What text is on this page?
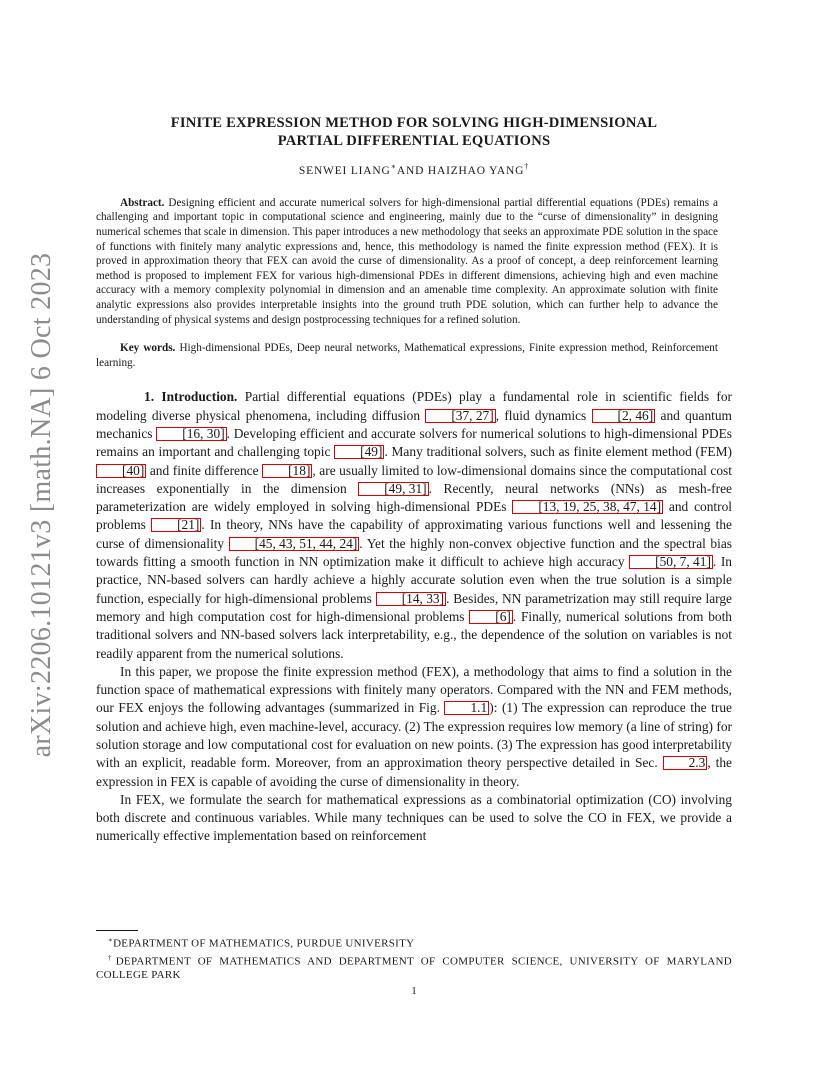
arXiv:2206.10121v3 [math.NA] 6 Oct 2023
FINITE EXPRESSION METHOD FOR SOLVING HIGH-DIMENSIONAL
PARTIAL DIFFERENTIAL EQUATIONS
SENWEI LIANG∗AND HAIZHAO YANG†
Abstract. Designing efficient and accurate numerical solvers for high-dimensional partial differential equations (PDEs) remains a challenging and important topic in computational science and engineering, mainly due to the “curse of dimensionality” in designing numerical schemes that scale in dimension. This paper introduces a new methodology that seeks an approximate PDE solution in the space of functions with finitely many analytic expressions and, hence, this methodology is named the finite expression method (FEX). It is proved in approximation theory that FEX can avoid the curse of dimensionality. As a proof of concept, a deep reinforcement learning method is proposed to implement FEX for various high-dimensional PDEs in different dimensions, achieving high and even machine accuracy with a memory complexity polynomial in dimension and an amenable time complexity. An approximate solution with finite analytic expressions also provides interpretable insights into the ground truth PDE solution, which can further help to advance the understanding of physical systems and design postprocessing techniques for a refined solution.
Key words. High-dimensional PDEs, Deep neural networks, Mathematical expressions, Finite expression method, Reinforcement learning.

1. Introduction. Partial differential equations (PDEs) play a fundamental role in scientific fields for modeling diverse physical phenomena, including diffusion [37, 27] , fluid dynamics [2, 46] and quantum mechanics [16, 30] . Developing efficient and accurate solvers for numerical solutions to high-dimensional PDEs remains an important and challenging topic [49] . Many traditional solvers, such as finite element method (FEM) [40] and finite difference [18] , are usually limited to low-dimensional domains since the computational cost increases exponentially in the dimension [49, 31] . Recently, neural networks (NNs) as mesh-free parameterization are widely employed in solving high-dimensional PDEs [13, 19, 25, 38, 47, 14] and control problems [21] . In theory, NNs have the capability of approximating various functions well and lessening the curse of dimensionality [45, 43, 51, 44, 24] . Yet the highly non-convex objective function and the spectral bias towards fitting a smooth function in NN optimization make it difficult to achieve high accuracy [50, 7, 41] . In practice, NN-based solvers can hardly achieve a highly accurate solution even when the true solution is a simple function, especially for high-dimensional problems [14, 33] . Besides, NN parametrization may still require large memory and high computation cost for high-dimensional problems [6] . Finally, numerical solutions from both traditional solvers and NN-based solvers lack interpretability, e.g., the dependence of the solution on variables is not readily apparent from the numerical solutions.

In this paper, we propose the finite expression method (FEX), a methodology that aims to find a solution in the function space of mathematical expressions with finitely many operators. Compared with the NN and FEM methods, our FEX enjoys the following advantages (summarized in Fig. 1.1 ): (1) The expression can reproduce the true solution and achieve high, even machine-level, accuracy. (2) The expression requires low memory (a line of string) for solution storage and low computational cost for evaluation on new points. (3) The expression has good interpretability with an explicit, readable form. Moreover, from an approximation theory perspective detailed in Sec. 2.3 , the expression in FEX is capable of avoiding the curse of dimensionality in theory.

In FEX, we formulate the search for mathematical expressions as a combinatorial optimization (CO) involving both discrete and continuous variables. While many techniques can be used to solve the CO in FEX, we provide a numerically effective implementation based on reinforcement

∗DEPARTMENT OF MATHEMATICS, PURDUE UNIVERSITY
†DEPARTMENT OF MATHEMATICS AND DEPARTMENT OF COMPUTER SCIENCE, UNIVERSITY OF MARYLAND COLLEGE PARK
1
